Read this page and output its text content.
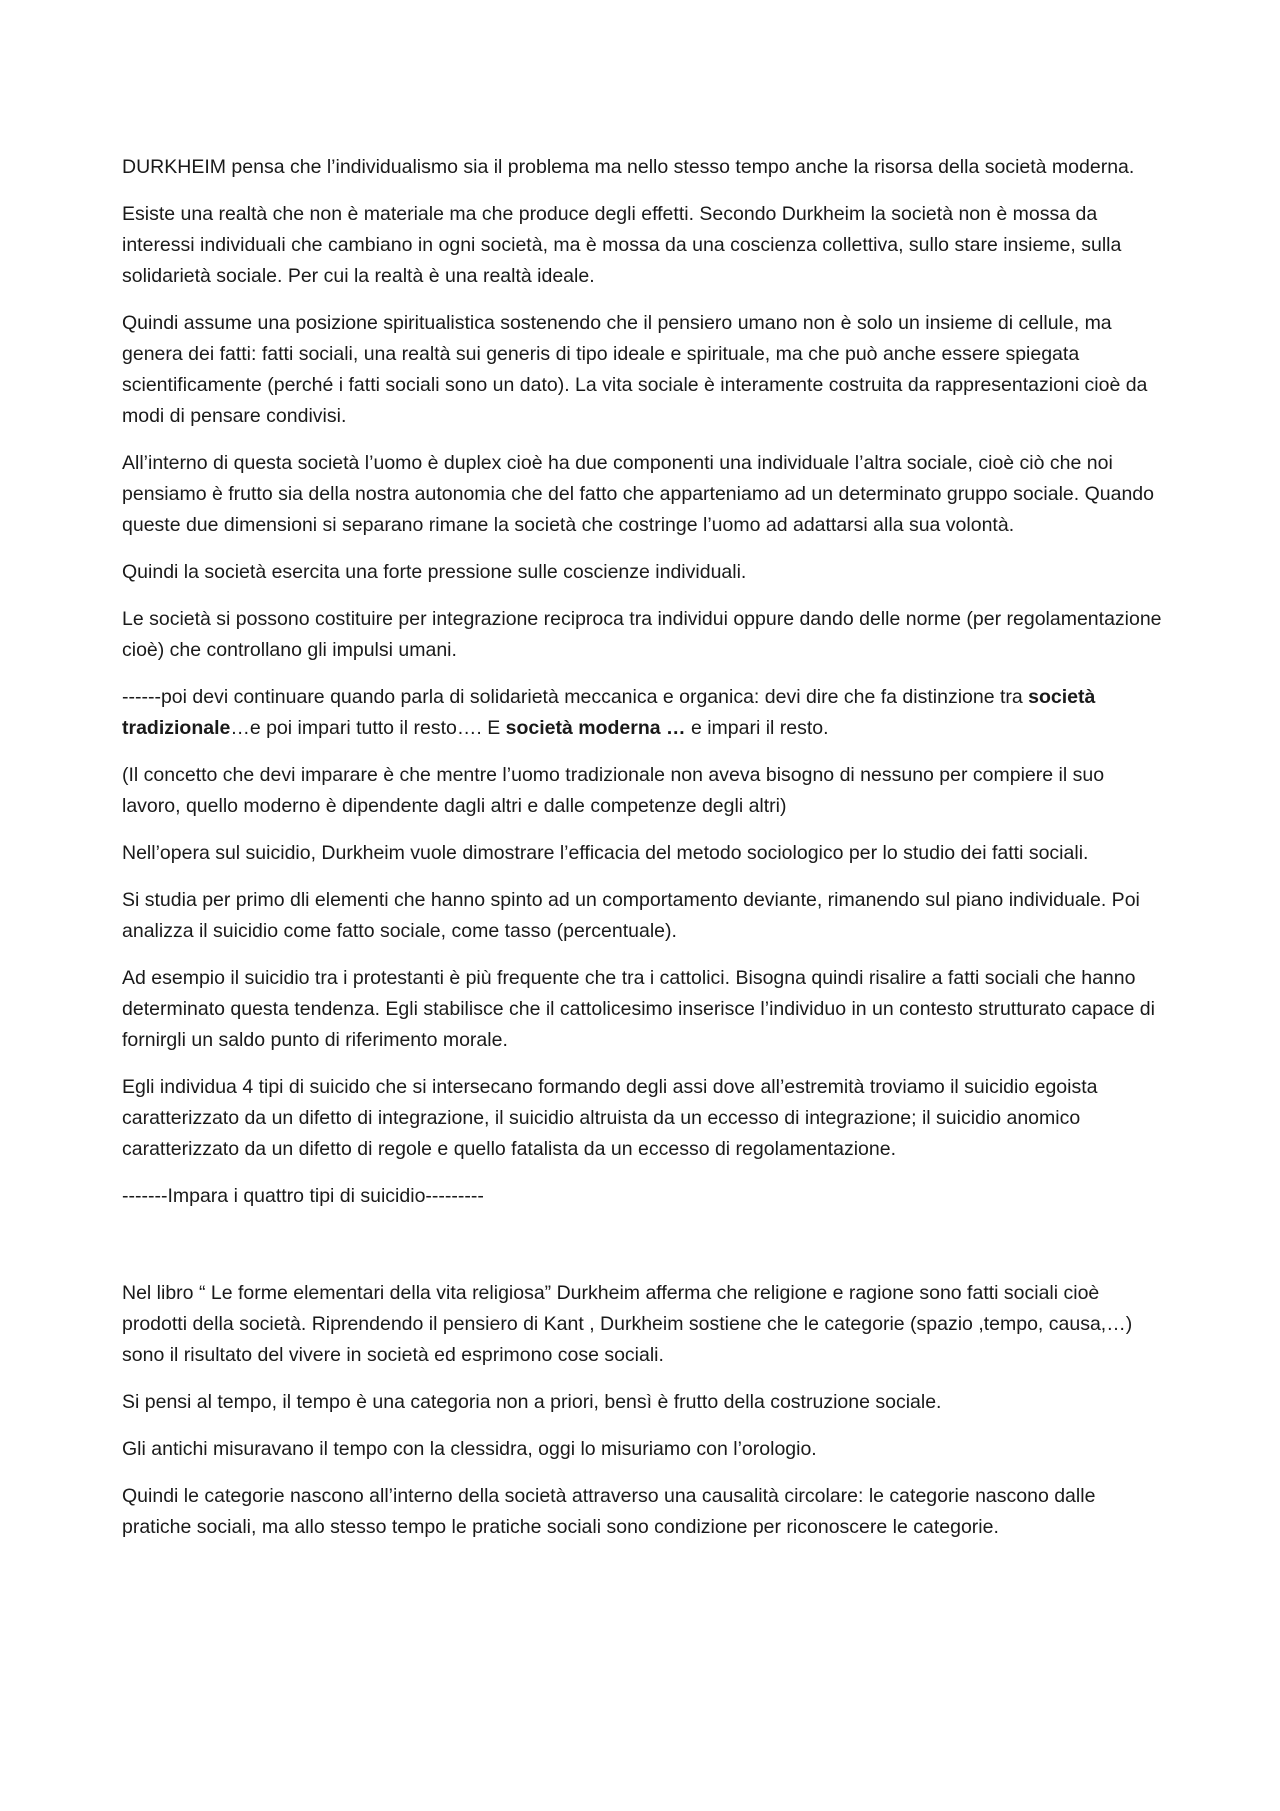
DURKHEIM pensa che l’individualismo sia il problema ma nello stesso tempo anche la risorsa della società moderna.

Esiste una realtà che non è materiale ma che produce degli effetti. Secondo Durkheim la società non è mossa da interessi individuali che cambiano in ogni società, ma è mossa da una coscienza collettiva, sullo stare insieme, sulla solidarietà sociale. Per cui la realtà è una realtà ideale.

Quindi assume una posizione spiritualistica sostenendo che il pensiero umano non è solo un insieme di cellule, ma genera dei fatti: fatti sociali, una realtà sui generis di tipo ideale e spirituale, ma che può anche essere spiegata scientificamente (perché i fatti sociali sono un dato). La vita sociale è interamente costruita da rappresentazioni cioè da modi di pensare condivisi.

All’interno di questa società l’uomo è duplex cioè ha due componenti una individuale l’altra sociale, cioè ciò che noi pensiamo è frutto sia della nostra autonomia che del fatto che apparteniamo ad un determinato gruppo sociale. Quando queste due dimensioni si separano rimane la società che costringe l’uomo ad adattarsi alla sua volontà.

Quindi la società esercita una forte pressione sulle coscienze individuali.

Le società si possono costituire per integrazione reciproca tra individui oppure dando delle norme (per regolamentazione cioè) che controllano gli impulsi umani.

------poi devi continuare quando parla di solidarietà meccanica e organica: devi dire che fa distinzione tra società tradizionale…e poi impari tutto il resto…. E società moderna … e impari il resto.

(Il concetto che devi imparare è che mentre l’uomo tradizionale non aveva bisogno di nessuno per compiere il suo lavoro, quello moderno è dipendente dagli altri e dalle competenze degli altri)

Nell’opera sul suicidio, Durkheim vuole dimostrare l’efficacia del metodo sociologico per lo studio dei fatti sociali.

Si studia per primo dli elementi che hanno spinto ad un comportamento deviante, rimanendo sul piano individuale. Poi analizza il suicidio come fatto sociale, come tasso (percentuale).

Ad esempio il suicidio tra i protestanti è più frequente che tra i cattolici. Bisogna quindi risalire a fatti sociali che hanno determinato questa tendenza. Egli stabilisce che il cattolicesimo inserisce l’individuo in un contesto strutturato capace di fornirgli un saldo punto di riferimento morale.

Egli individua 4 tipi di suicido che si intersecano formando degli assi dove all’estremità troviamo il suicidio egoista caratterizzato da un difetto di integrazione, il suicidio altruista da un eccesso di integrazione; il suicidio anomico caratterizzato da un difetto di regole e quello fatalista da un eccesso di regolamentazione.

-------Impara i quattro tipi di suicidio---------

Nel libro “ Le forme elementari della vita religiosa” Durkheim afferma che religione e ragione sono fatti sociali cioè prodotti della società. Riprendendo il pensiero di Kant , Durkheim sostiene che le categorie (spazio ,tempo, causa,…) sono il risultato del vivere in società ed esprimono cose sociali.

Si pensi al tempo, il tempo è una categoria non a priori, bensì è frutto della costruzione sociale.

Gli antichi misuravano il tempo con la clessidra, oggi lo misuriamo con l’orologio.

Quindi le categorie nascono all’interno della società attraverso una causalità circolare: le categorie nascono dalle pratiche sociali, ma allo stesso tempo le pratiche sociali sono condizione per riconoscere le categorie.
